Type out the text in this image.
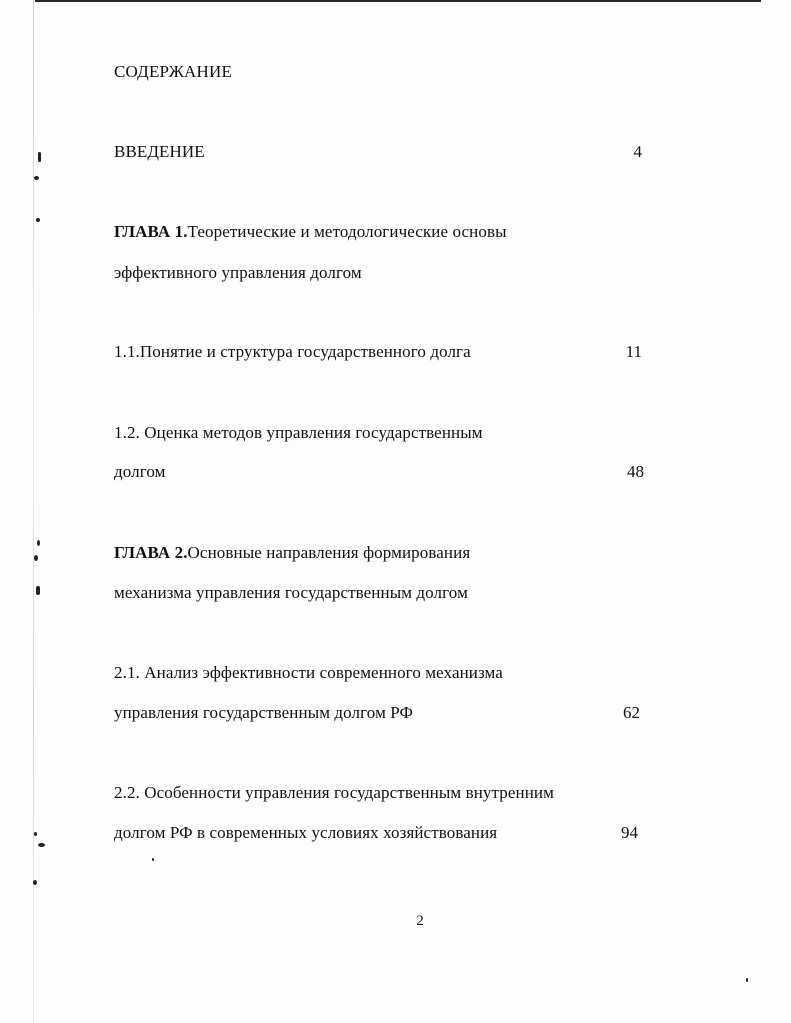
СОДЕРЖАНИЕ
ВВЕДЕНИЕ	4
ГЛАВА 1.Теоретические и методологические основы
эффективного управления долгом
1.1.Понятие и структура государственного долга	11
1.2. Оценка методов управления государственным
долгом	48
ГЛАВА 2.Основные направления формирования
механизма управления государственным долгом
2.1. Анализ эффективности современного механизма
управления государственным долгом РФ	62
2.2. Особенности управления государственным внутренним
долгом РФ в современных условиях хозяйствования	94
2
